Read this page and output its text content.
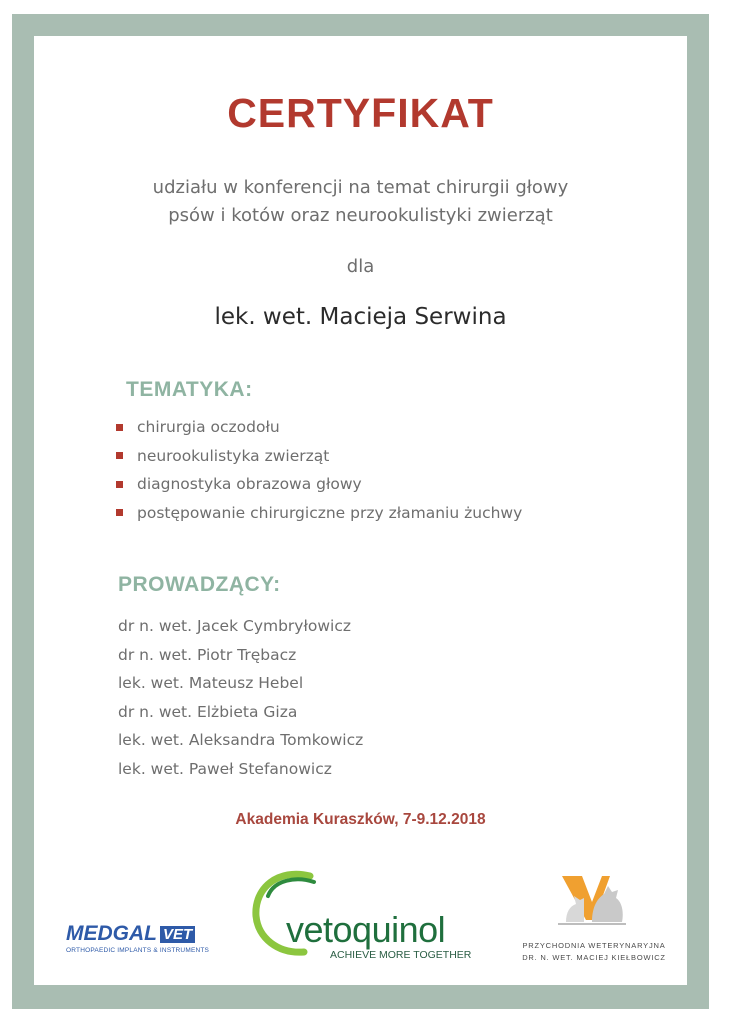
CERTYFIKAT
udziału w konferencji na temat chirurgii głowy
psów i kotów oraz neurookulistyki zwierząt
dla
lek. wet. Macieja Serwina
TEMATYKA:
chirurgia oczodołu
neurookulistyka zwierząt
diagnostyka obrazowa głowy
postępowanie chirurgiczne przy złamaniu żuchwy
PROWADZĄCY:
dr n. wet. Jacek Cymbryłowicz
dr n. wet. Piotr Trębacz
lek. wet. Mateusz Hebel
dr n. wet. Elżbieta Giza
lek. wet. Aleksandra Tomkowicz
lek. wet. Paweł Stefanowicz
Akademia Kuraszków, 7-9.12.2018
MEDGAL VET
ORTHOPAEDIC IMPLANTS & INSTRUMENTS
vetoquinol
ACHIEVE MORE TOGETHER
PRZYCHODNIA WETERYNARYJNA
DR. N. WET. MACIEJ KIEŁBOWICZ
